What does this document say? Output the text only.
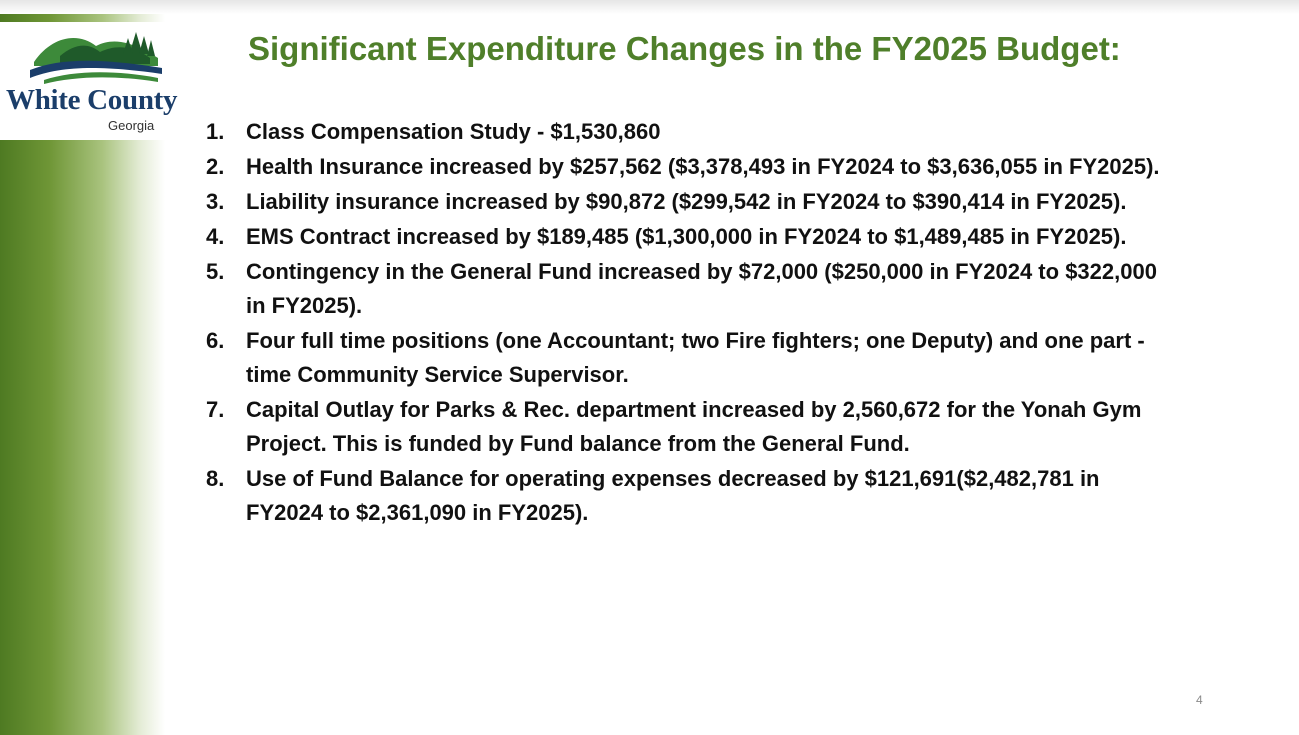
White County
Georgia
Significant Expenditure Changes in the FY2025 Budget:
1. Class Compensation Study - $1,530,860
2. Health Insurance increased by $257,562 ($3,378,493 in FY2024 to $3,636,055 in FY2025).
3. Liability insurance increased by $90,872 ($299,542 in FY2024 to $390,414 in FY2025).
4. EMS Contract increased by $189,485 ($1,300,000 in FY2024 to $1,489,485 in FY2025).
5. Contingency in the General Fund increased by $72,000 ($250,000 in FY2024 to $322,000 in FY2025).
6. Four full time positions (one Accountant; two Fire fighters; one Deputy) and one part -time Community Service Supervisor.
7. Capital Outlay for Parks & Rec. department increased by 2,560,672 for the Yonah Gym Project. This is funded by Fund balance from the General Fund.
8. Use of Fund Balance for operating expenses decreased by $121,691($2,482,781 in FY2024 to $2,361,090 in FY2025).
4
